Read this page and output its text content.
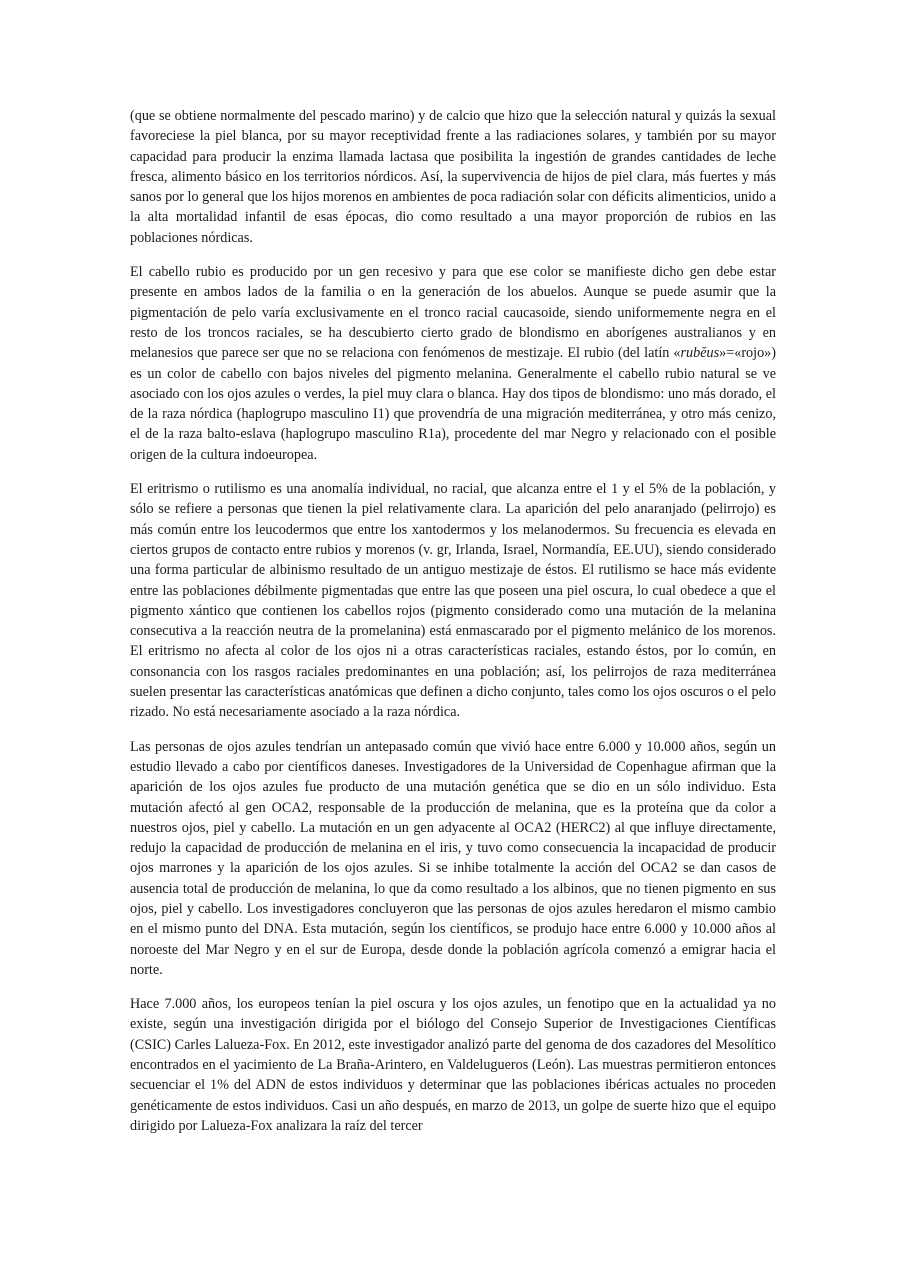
(que se obtiene normalmente del pescado marino) y de calcio que hizo que la selección natural y quizás la sexual favoreciese la piel blanca, por su mayor receptividad frente a las radiaciones solares, y también por su mayor capacidad para producir la enzima llamada lactasa que posibilita la ingestión de grandes cantidades de leche fresca, alimento básico en los territorios nórdicos. Así, la supervivencia de hijos de piel clara, más fuertes y más sanos por lo general que los hijos morenos en ambientes de poca radiación solar con déficits alimenticios, unido a la alta mortalidad infantil de esas épocas, dio como resultado a una mayor proporción de rubios en las poblaciones nórdicas.

El cabello rubio es producido por un gen recesivo y para que ese color se manifieste dicho gen debe estar presente en ambos lados de la familia o en la generación de los abuelos. Aunque se puede asumir que la pigmentación de pelo varía exclusivamente en el tronco racial caucasoide, siendo uniformemente negra en el resto de los troncos raciales, se ha descubierto cierto grado de blondismo en aborígenes australianos y en melanesios que parece ser que no se relaciona con fenómenos de mestizaje. El rubio (del latín «rubĕus»=«rojo») es un color de cabello con bajos niveles del pigmento melanina. Generalmente el cabello rubio natural se ve asociado con los ojos azules o verdes, la piel muy clara o blanca. Hay dos tipos de blondismo: uno más dorado, el de la raza nórdica (haplogrupo masculino I1) que provendría de una migración mediterránea, y otro más cenizo, el de la raza balto-eslava (haplogrupo masculino R1a), procedente del mar Negro y relacionado con el posible origen de la cultura indoeuropea.

El eritrismo o rutilismo es una anomalía individual, no racial, que alcanza entre el 1 y el 5% de la población, y sólo se refiere a personas que tienen la piel relativamente clara. La aparición del pelo anaranjado (pelirrojo) es más común entre los leucodermos que entre los xantodermos y los melanodermos. Su frecuencia es elevada en ciertos grupos de contacto entre rubios y morenos (v. gr, Irlanda, Israel, Normandía, EE.UU), siendo considerado una forma particular de albinismo resultado de un antiguo mestizaje de éstos. El rutilismo se hace más evidente entre las poblaciones débilmente pigmentadas que entre las que poseen una piel oscura, lo cual obedece a que el pigmento xántico que contienen los cabellos rojos (pigmento considerado como una mutación de la melanina consecutiva a la reacción neutra de la promelanina) está enmascarado por el pigmento melánico de los morenos. El eritrismo no afecta al color de los ojos ni a otras características raciales, estando éstos, por lo común, en consonancia con los rasgos raciales predominantes en una población; así, los pelirrojos de raza mediterránea suelen presentar las características anatómicas que definen a dicho conjunto, tales como los ojos oscuros o el pelo rizado. No está necesariamente asociado a la raza nórdica.

Las personas de ojos azules tendrían un antepasado común que vivió hace entre 6.000 y 10.000 años, según un estudio llevado a cabo por científicos daneses. Investigadores de la Universidad de Copenhague afirman que la aparición de los ojos azules fue producto de una mutación genética que se dio en un sólo individuo. Esta mutación afectó al gen OCA2, responsable de la producción de melanina, que es la proteína que da color a nuestros ojos, piel y cabello. La mutación en un gen adyacente al OCA2 (HERC2) al que influye directamente, redujo la capacidad de producción de melanina en el iris, y tuvo como consecuencia la incapacidad de producir ojos marrones y la aparición de los ojos azules. Si se inhibe totalmente la acción del OCA2 se dan casos de ausencia total de producción de melanina, lo que da como resultado a los albinos, que no tienen pigmento en sus ojos, piel y cabello. Los investigadores concluyeron que las personas de ojos azules heredaron el mismo cambio en el mismo punto del DNA. Esta mutación, según los científicos, se produjo hace entre 6.000 y 10.000 años al noroeste del Mar Negro y en el sur de Europa, desde donde la población agrícola comenzó a emigrar hacia el norte.

Hace 7.000 años, los europeos tenían la piel oscura y los ojos azules, un fenotipo que en la actualidad ya no existe, según una investigación dirigida por el biólogo del Consejo Superior de Investigaciones Científicas (CSIC) Carles Lalueza-Fox. En 2012, este investigador analizó parte del genoma de dos cazadores del Mesolítico encontrados en el yacimiento de La Braña-Arintero, en Valdelugueros (León). Las muestras permitieron entonces secuenciar el 1% del ADN de estos individuos y determinar que las poblaciones ibéricas actuales no proceden genéticamente de estos individuos. Casi un año después, en marzo de 2013, un golpe de suerte hizo que el equipo dirigido por Lalueza-Fox analizara la raíz del tercer
